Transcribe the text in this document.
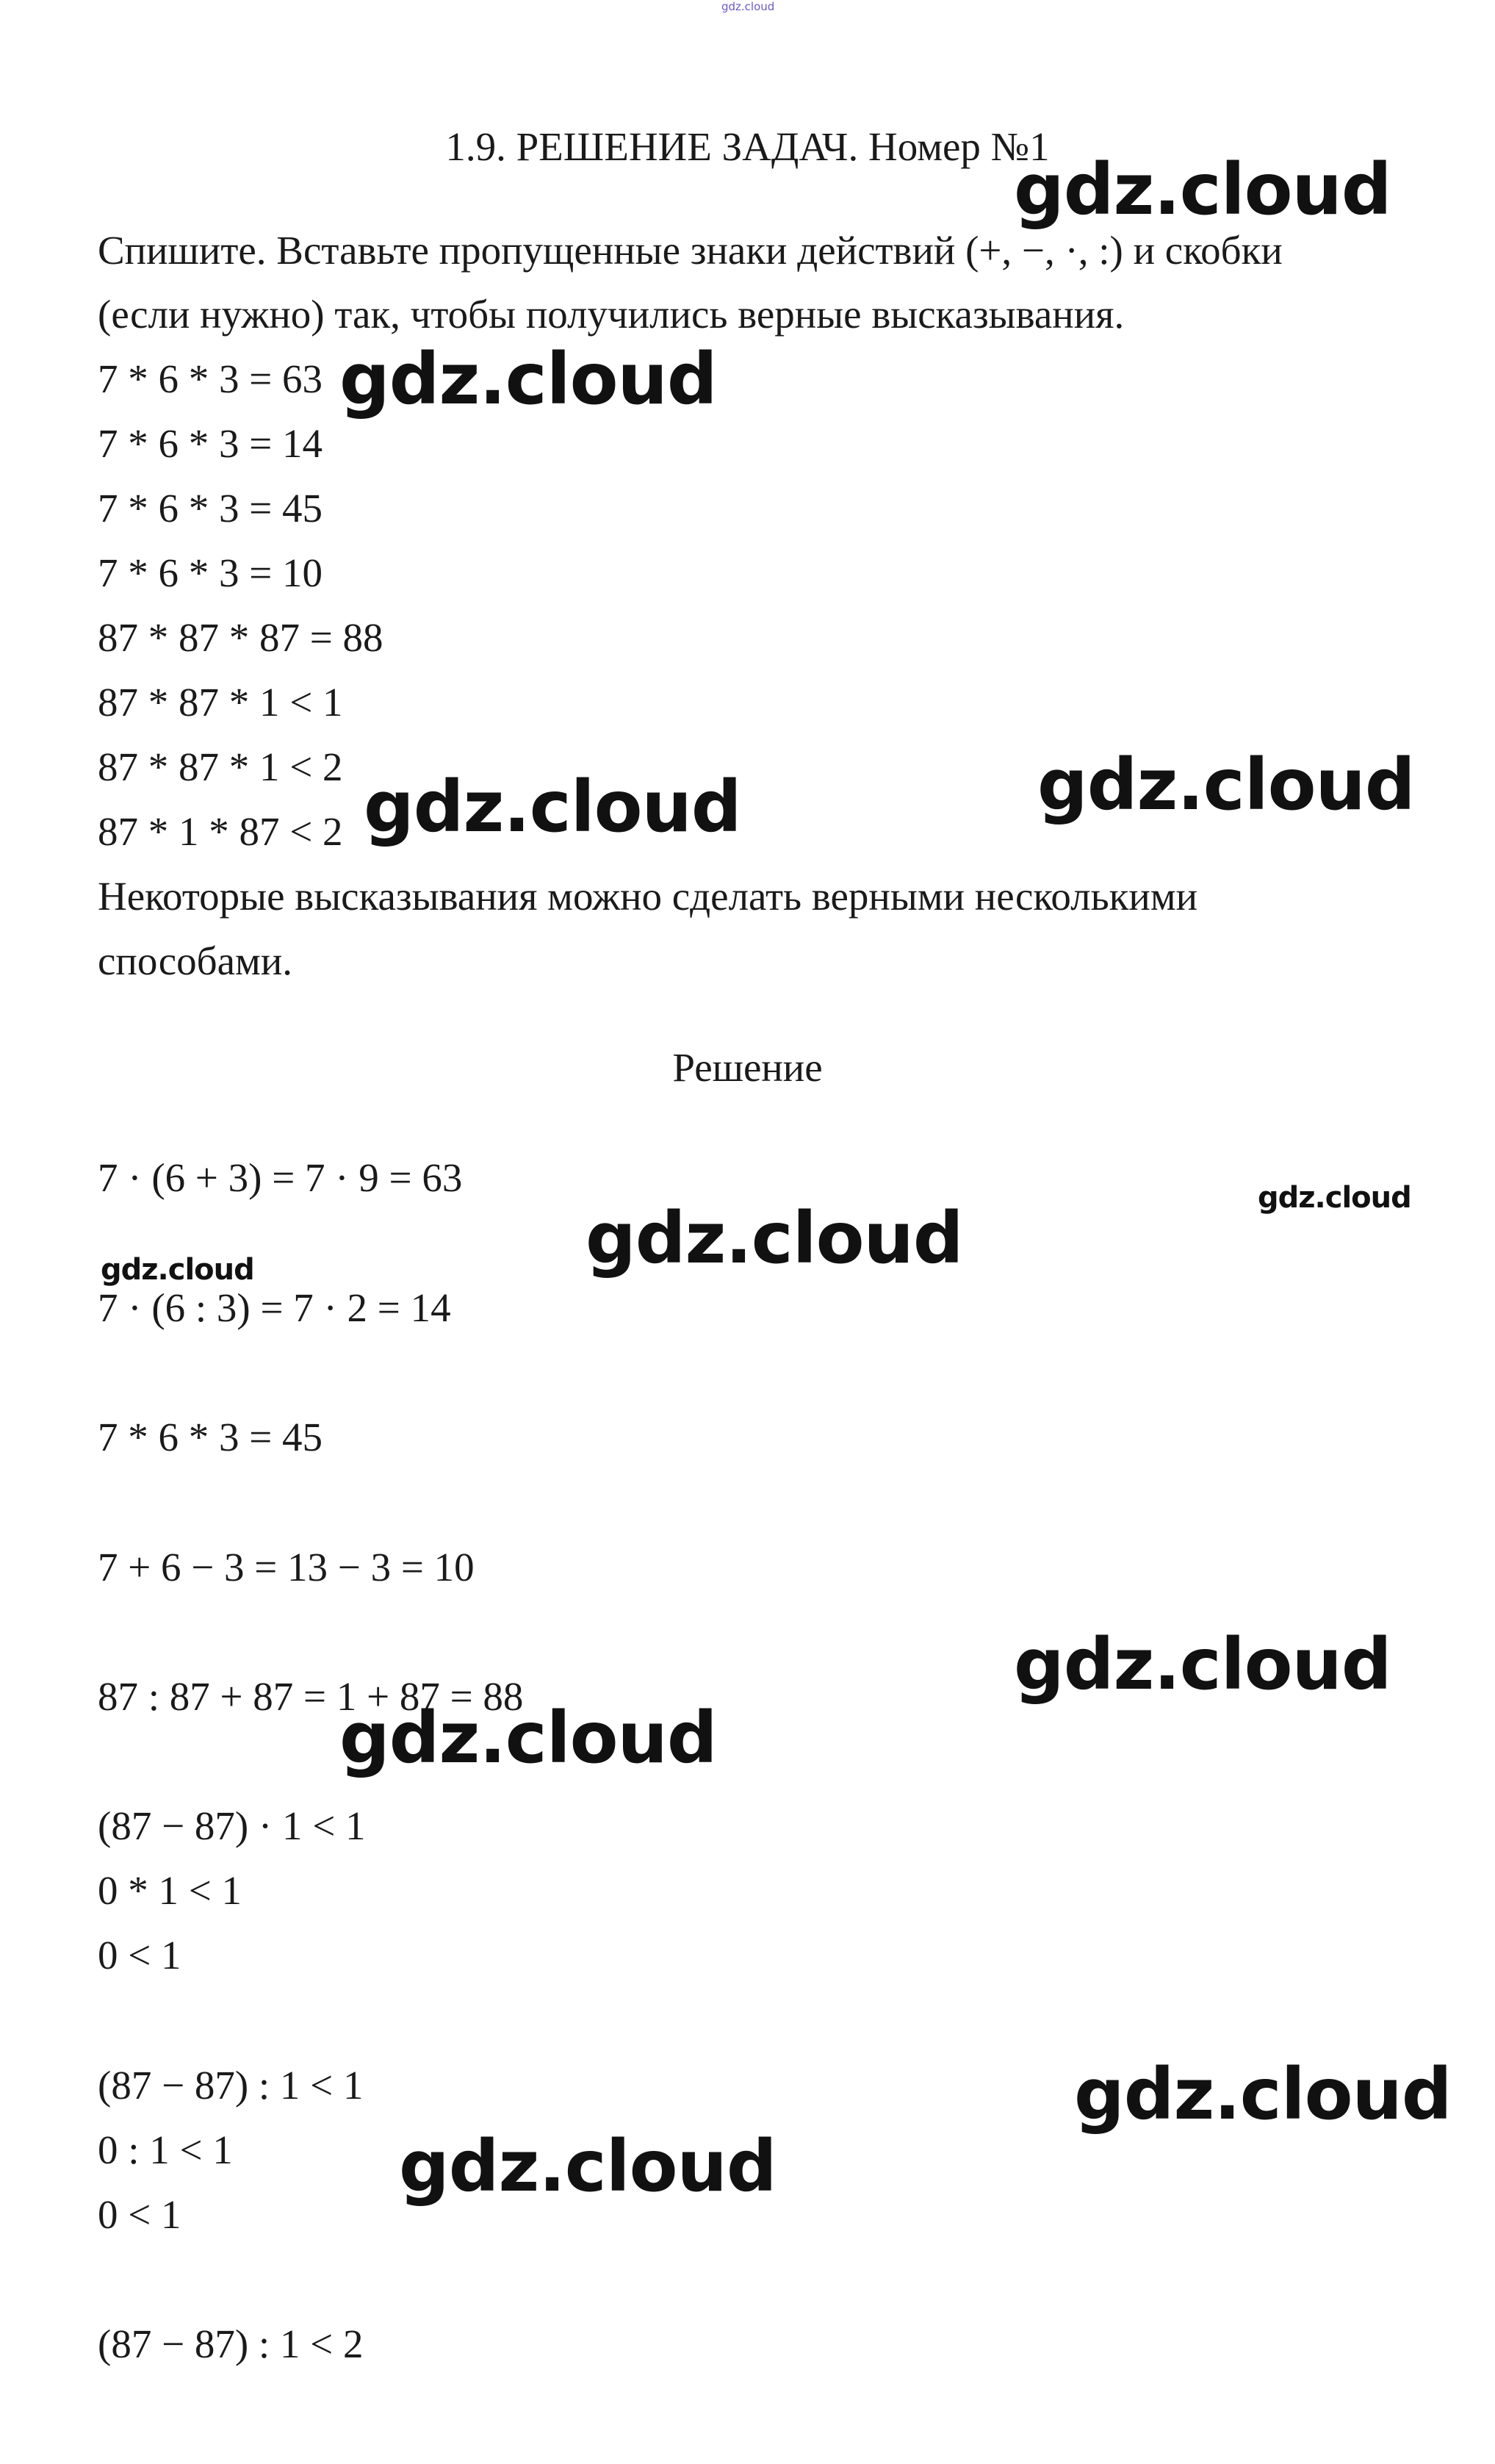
gdz.cloud
1.9. РЕШЕНИЕ ЗАДАЧ. Номер №1
Спишите. Вставьте пропущенные знаки действий (+, −, ·, :) и скобки
(если нужно) так, чтобы получились верные высказывания.
7 * 6 * 3 = 63
7 * 6 * 3 = 14
7 * 6 * 3 = 45
7 * 6 * 3 = 10
87 * 87 * 87 = 88
87 * 87 * 1 < 1
87 * 87 * 1 < 2
87 * 1 * 87 < 2
Некоторые высказывания можно сделать верными несколькими
способами.
Решение
7 · (6 + 3) = 7 · 9 = 63
7 · (6 : 3) = 7 · 2 = 14
7 * 6 * 3 = 45
7 + 6 − 3 = 13 − 3 = 10
87 : 87 + 87 = 1 + 87 = 88
(87 − 87) · 1 < 1
0 * 1 < 1
0 < 1
(87 − 87) : 1 < 1
0 : 1 < 1
0 < 1
(87 − 87) : 1 < 2
gdz.cloud
gdz.cloud
gdz.cloud
gdz.cloud
gdz.cloud
gdz.cloud
gdz.cloud
gdz.cloud
gdz.cloud
gdz.cloud
gdz.cloud
